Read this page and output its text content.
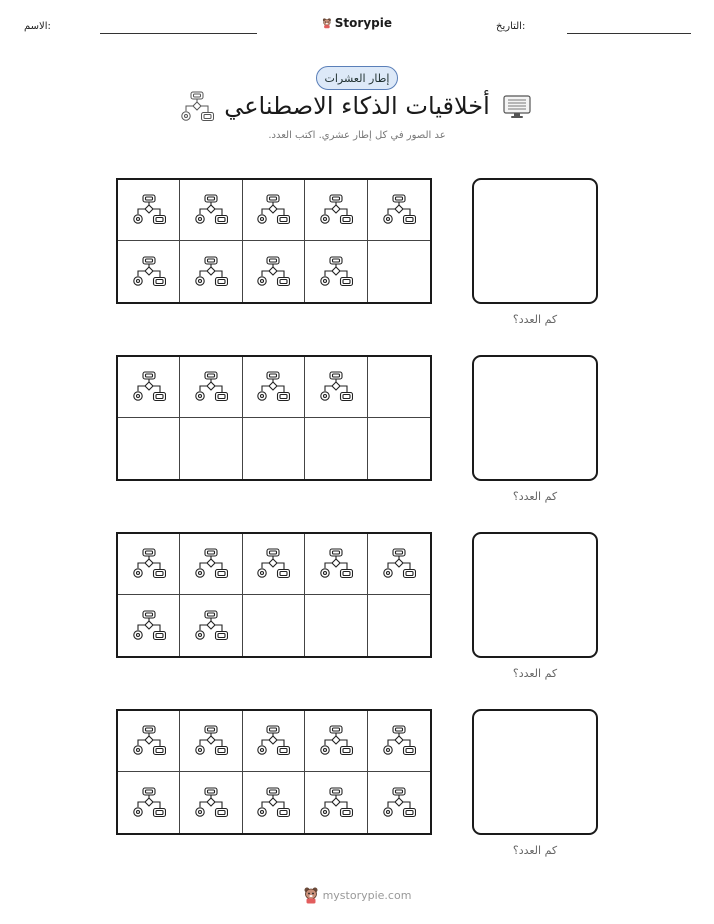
الاسم:	Storypie	التاريخ:
إطار العشرات
أخلاقيات الذكاء الاصطناعي
عد الصور في كل إطار عشري. اكتب العدد.
كم العدد؟
كم العدد؟
كم العدد؟
كم العدد؟
mystorypie.com
